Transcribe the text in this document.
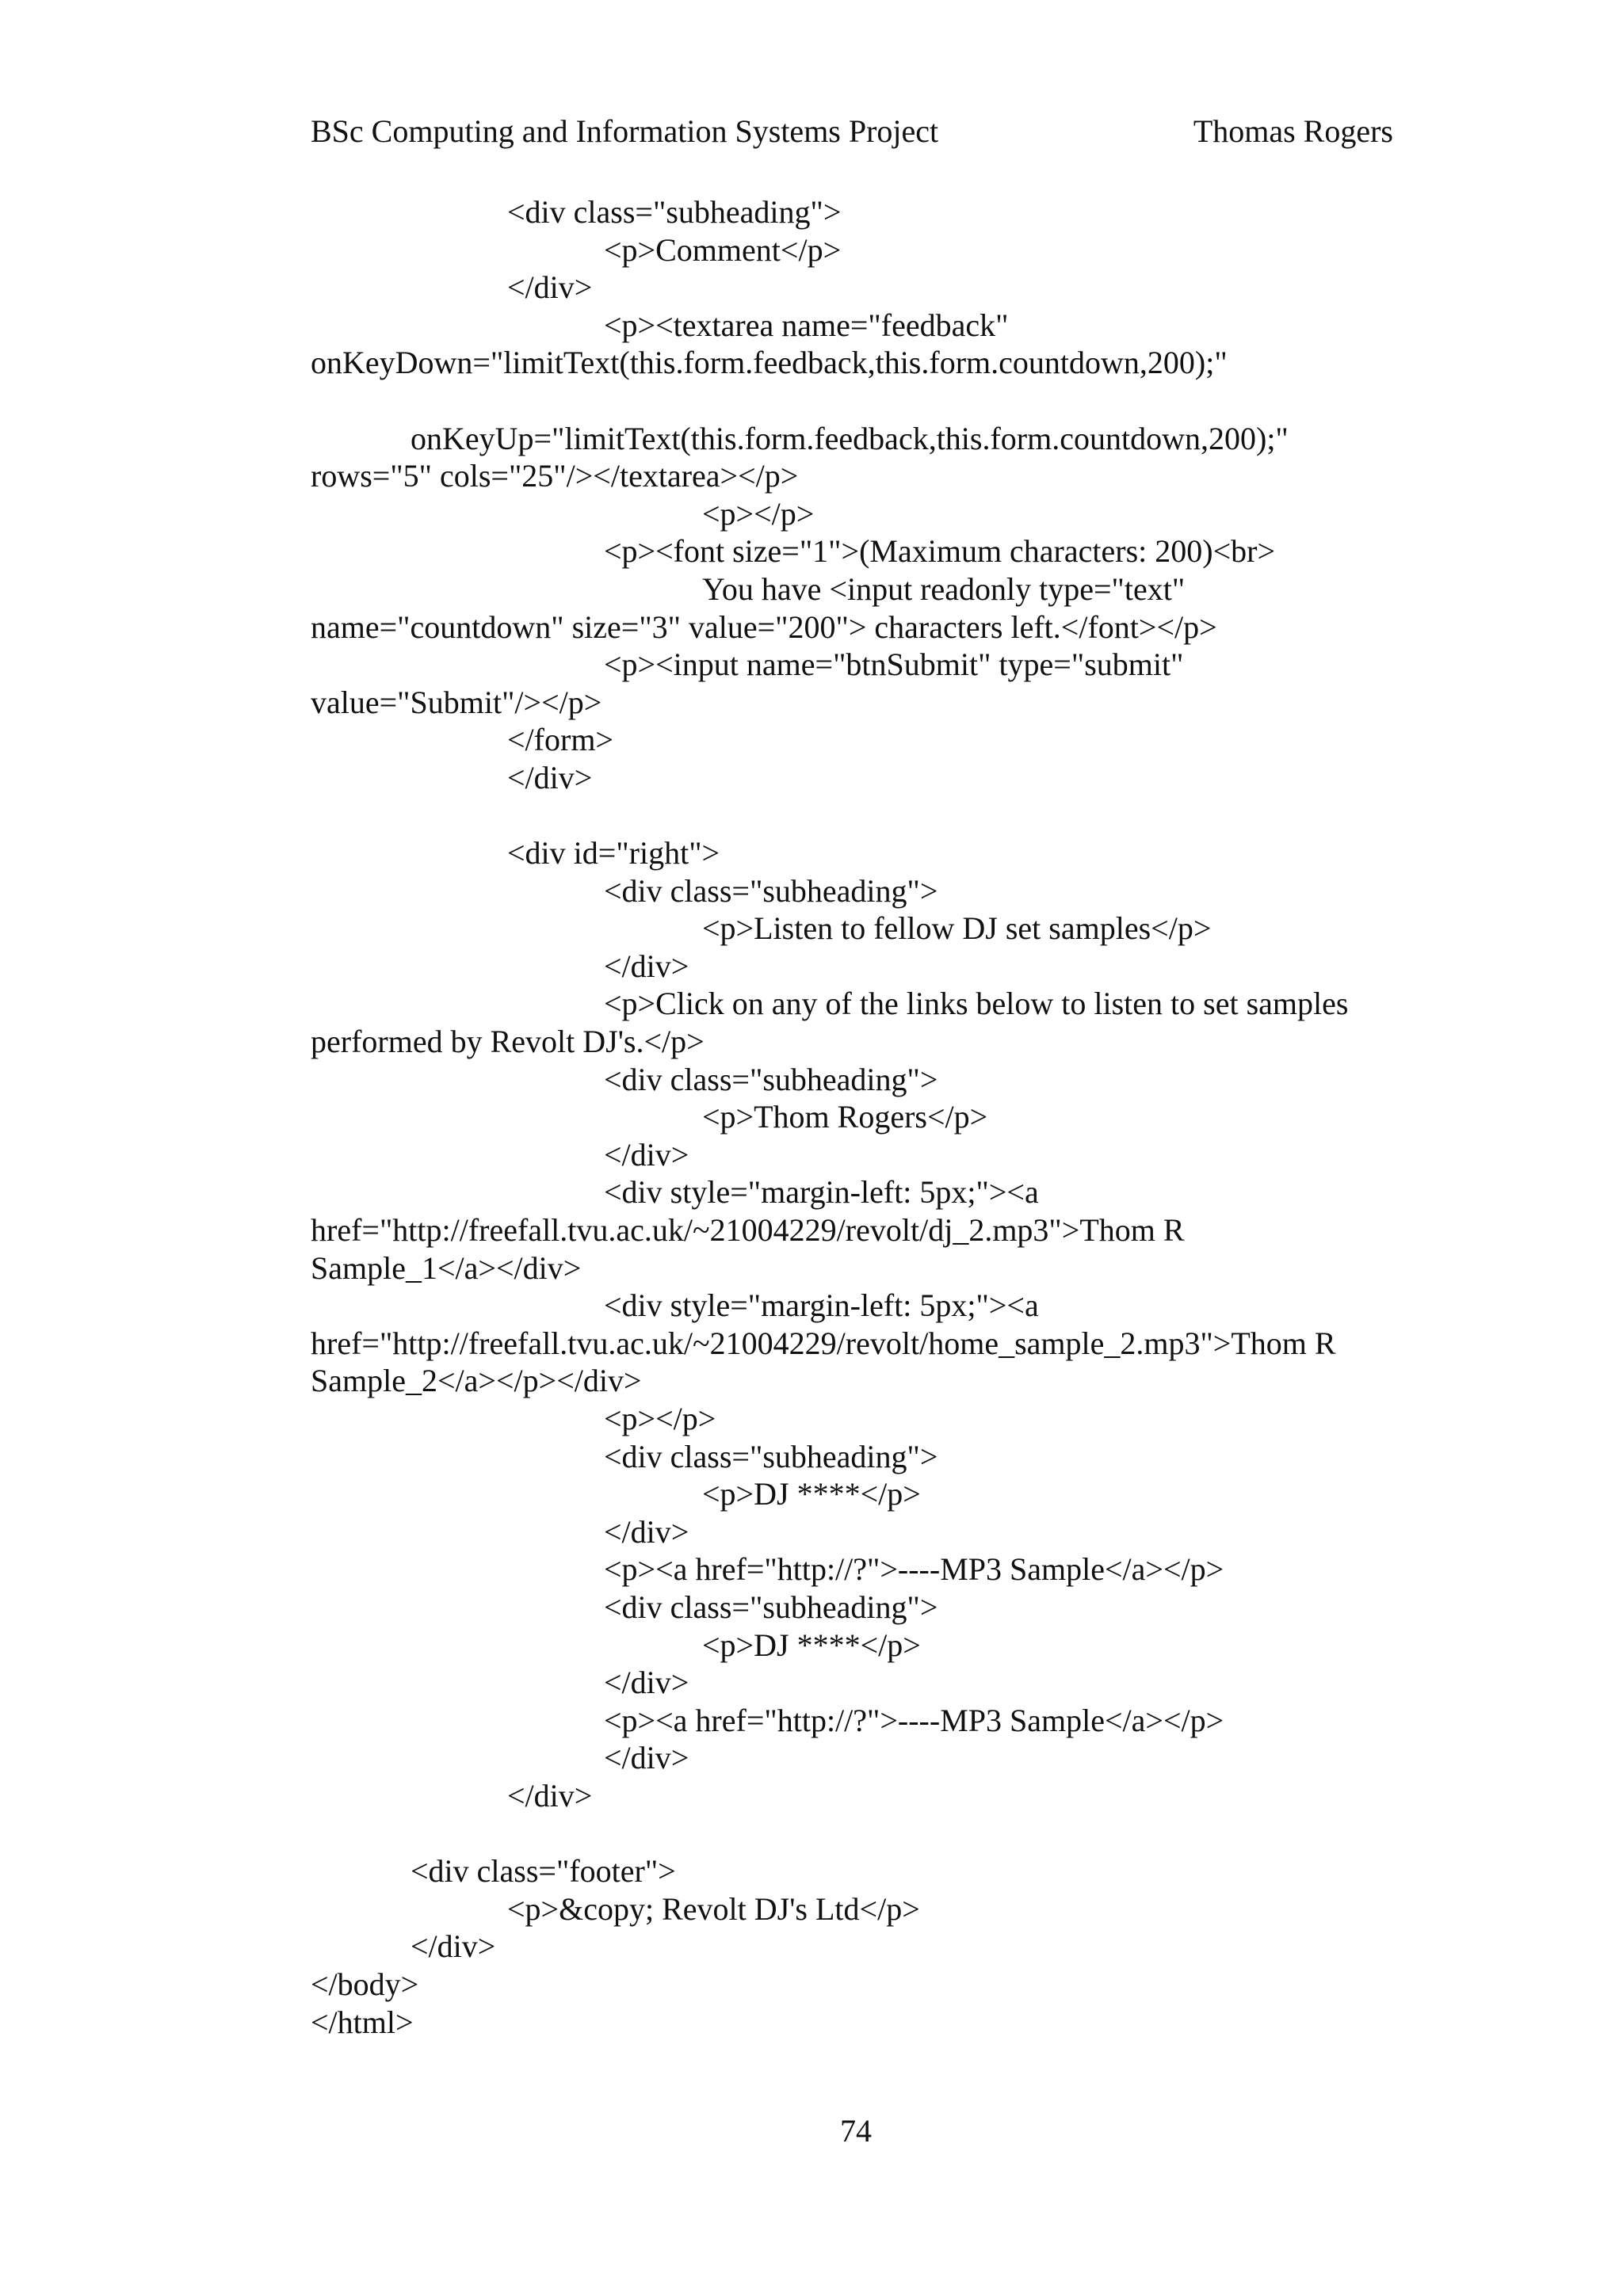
BSc Computing and Information Systems Project	Thomas Rogers
<div class="subheading">
<p>Comment</p>
</div>
<p><textarea name="feedback"
onKeyDown="limitText(this.form.feedback,this.form.countdown,200);"
onKeyUp="limitText(this.form.feedback,this.form.countdown,200);"
rows="5" cols="25"/></textarea></p>
<p></p>
<p><font size="1">(Maximum characters: 200)<br>
You have <input readonly type="text"
name="countdown" size="3" value="200"> characters left.</font></p>
<p><input name="btnSubmit" type="submit"
value="Submit"/></p>
</form>
</div>
<div id="right">
<div class="subheading">
<p>Listen to fellow DJ set samples</p>
</div>
<p>Click on any of the links below to listen to set samples
performed by Revolt DJ's.</p>
<div class="subheading">
<p>Thom Rogers</p>
</div>
<div style="margin-left: 5px;"><a
href="http://freefall.tvu.ac.uk/~21004229/revolt/dj_2.mp3">Thom R
Sample_1</a></div>
<div style="margin-left: 5px;"><a
href="http://freefall.tvu.ac.uk/~21004229/revolt/home_sample_2.mp3">Thom R
Sample_2</a></p></div>
<p></p>
<div class="subheading">
<p>DJ ****</p>
</div>
<p><a href="http://?">----MP3 Sample</a></p>
<div class="subheading">
<p>DJ ****</p>
</div>
<p><a href="http://?">----MP3 Sample</a></p>
</div>
</div>
<div class="footer">
<p>&copy; Revolt DJ's Ltd</p>
</div>
</body>
</html>
74
